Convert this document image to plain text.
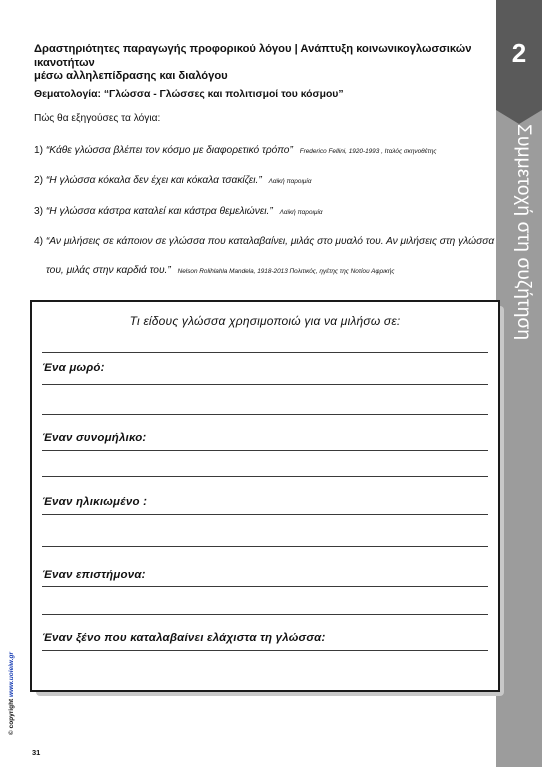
2
Συμμετοχή στη συζήτηση
Δραστηριότητες παραγωγής προφορικού λόγου | Ανάπτυξη κοινωνικογλωσσικών ικανοτήτων
μέσω αλληλεπίδρασης και διαλόγου
Θεματολογία: “Γλώσσα - Γλώσσες και πολιτισμοί του κόσμου”
Πώς θα εξηγούσες τα λόγια:
1) “Κάθε γλώσσα βλέπει τον κόσμο με διαφορετικό τρόπο” Frederico Fellini, 1920-1993 , Ιταλός σκηνοθέτης
2) “Η γλώσσα κόκαλα δεν έχει και κόκαλα τσακίζει.” Λαϊκή παροιμία
3) “Η γλώσσα κάστρα καταλεί και κάστρα θεμελιώνει.” Λαϊκή παροιμία
4) “Αν μιλήσεις σε κάποιον σε γλώσσα που καταλαβαίνει, μιλάς στο μυαλό του. Αν μιλήσεις στη γλώσσα
του, μιλάς στην καρδιά του.” Nelson Rolihlahla Mandela, 1918-2013 Πολιτικός, ηγέτης της Νοτίου Αφρικής
Τι είδους γλώσσα χρησιμοποιώ για να μιλήσω σε:
Ένα μωρό:
Έναν συνομήλικο:
Έναν ηλικιωμένο :
Έναν επιστήμονα:
Έναν ξένο που καταλαβαίνει ελάχιστα τη γλώσσα:
© copyright www.uoieiw.gr
31
